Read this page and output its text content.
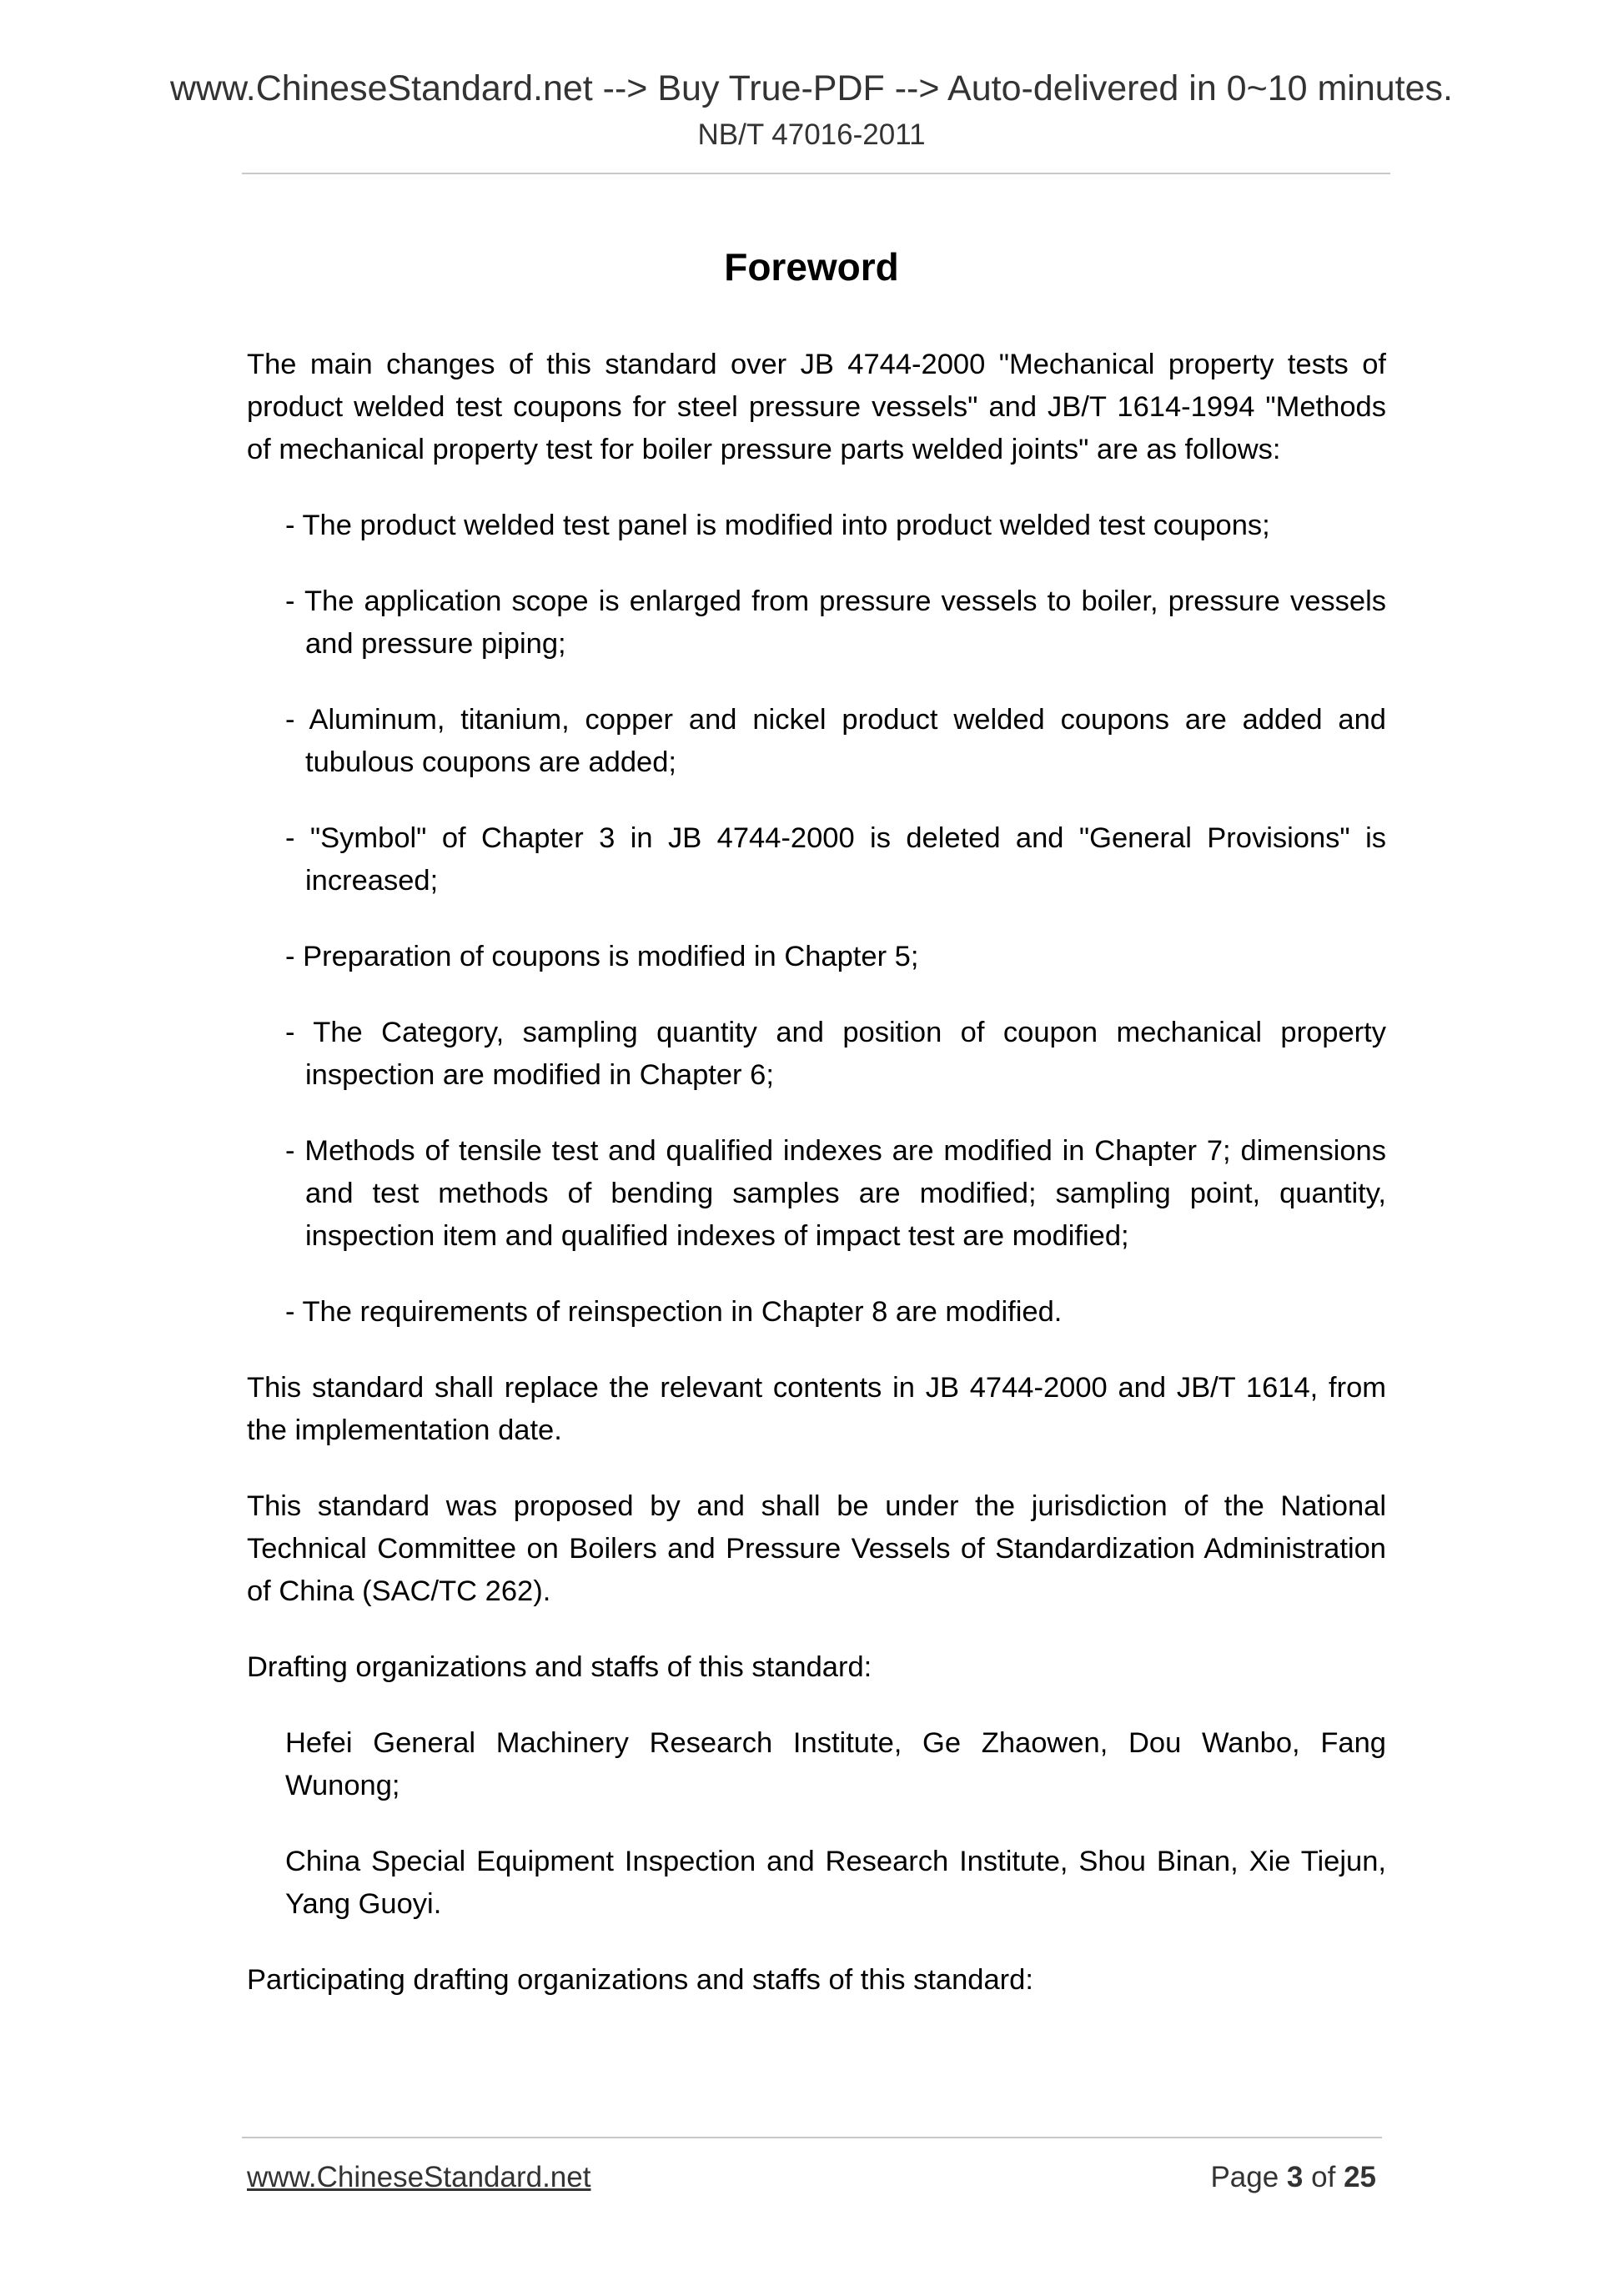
www.ChineseStandard.net --> Buy True-PDF --> Auto-delivered in 0~10 minutes.
NB/T 47016-2011
Foreword

The main changes of this standard over JB 4744-2000 "Mechanical property tests of product welded test coupons for steel pressure vessels" and JB/T 1614-1994 "Methods of mechanical property test for boiler pressure parts welded joints" are as follows:

- The product welded test panel is modified into product welded test coupons;

- The application scope is enlarged from pressure vessels to boiler, pressure vessels and pressure piping;

- Aluminum, titanium, copper and nickel product welded coupons are added and tubulous coupons are added;

- "Symbol" of Chapter 3 in JB 4744-2000 is deleted and "General Provisions" is increased;

- Preparation of coupons is modified in Chapter 5;

- The Category, sampling quantity and position of coupon mechanical property inspection are modified in Chapter 6;

- Methods of tensile test and qualified indexes are modified in Chapter 7; dimensions and test methods of bending samples are modified; sampling point, quantity, inspection item and qualified indexes of impact test are modified;

- The requirements of reinspection in Chapter 8 are modified.

This standard shall replace the relevant contents in JB 4744-2000 and JB/T 1614, from the implementation date.

This standard was proposed by and shall be under the jurisdiction of the National Technical Committee on Boilers and Pressure Vessels of Standardization Administration of China (SAC/TC 262).

Drafting organizations and staffs of this standard:

Hefei General Machinery Research Institute, Ge Zhaowen, Dou Wanbo, Fang Wunong;

China Special Equipment Inspection and Research Institute, Shou Binan, Xie Tiejun, Yang Guoyi.

Participating drafting organizations and staffs of this standard:

www.ChineseStandard.net	Page 3 of 25
